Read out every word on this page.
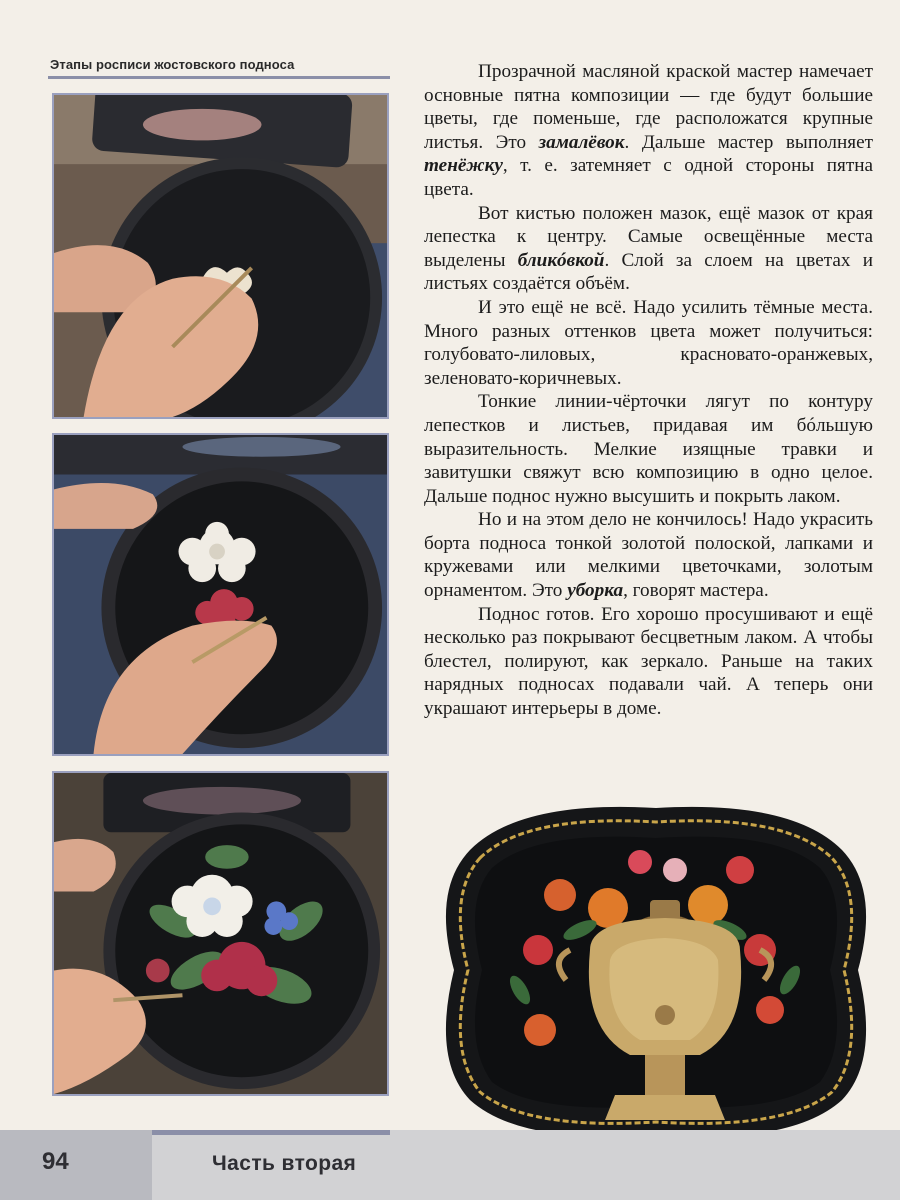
Этапы росписи жостовского подноса	Прозрачной масляной краской мастер намечает основные пятна композиции — где будут большие цветы, где поменьше, где расположатся крупные листья. Это замалёвок. Дальше мастер выполняет тенёжку, т. е. затемняет с одной стороны пятна цвета.

Вот кистью положен мазок, ещё мазок от края лепестка к центру. Самые освещённые места выделены бликóвкой. Слой за слоем на цветах и листьях создаётся объём.

И это ещё не всё. Надо усилить тёмные места. Много разных оттенков цвета может получиться: голубовато-лиловых, красновато-оранжевых, зеленовато-коричневых.

Тонкие линии-чёрточки лягут по контуру лепестков и листьев, придавая им бóльшую выразительность. Мелкие изящные травки и завитушки свяжут всю композицию в одно целое. Дальше поднос нужно высушить и покрыть лаком.

Но и на этом дело не кончилось! Надо украсить борта подноса тонкой золотой полоской, лапками и кружевами или мелкими цветочками, золотым орнаментом. Это уборка, говорят мастера.

Поднос готов. Его хорошо просушивают и ещё несколько раз покрывают бесцветным лаком. А чтобы блестел, полируют, как зеркало. Раньше на таких нарядных подносах подавали чай. А теперь они украшают интерьеры в доме.

94	Часть вторая
